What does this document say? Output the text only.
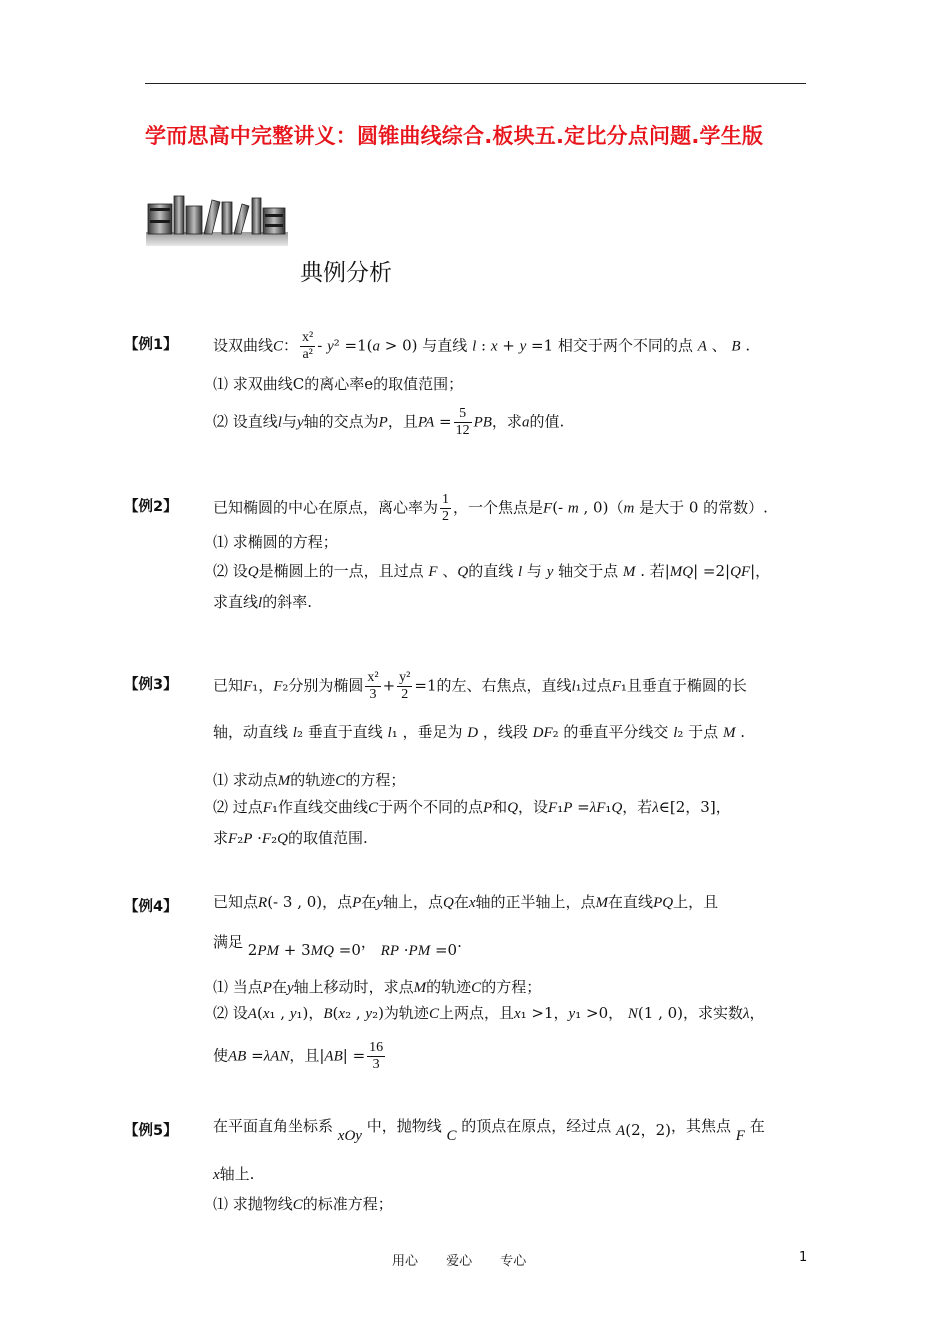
学而思高中完整讲义：圆锥曲线综合.板块五.定比分点问题.学生版
典例分析
【例1】 设双曲线C： $\frac{\text{x²}}{\text{a²}} - y^2 =1(a > 0)$ 与直线 l : x + y =1 相交于两个不同的点 A 、 B .
⑴ 求双曲线C的离心率e的取值范围；
⑵ 设直线l与y轴的交点为P，且PA = $\frac{5}{12}$ PB，求a的值.
【例2】 已知椭圆的中心在原点，离心率为 $\frac{1}{2}$ ，一个焦点是F(- m , 0)（m 是大于 0 的常数）.
⑴ 求椭圆的方程；
⑵ 设Q是椭圆上的一点，且过点 F 、Q的直线 l 与 y 轴交于点 M . 若|MQ| =2|QF|，
求直线l的斜率.
【例3】 已知F₁，F₂分别为椭圆 $\frac{\text{x²}}{3} + \frac{\text{y²}}{2} =1$的左、右焦点，直线l₁过点F₁且垂直于椭圆的长
轴，动直线 l₂ 垂直于直线 l₁ ，垂足为 D ，线段 DF₂ 的垂直平分线交 l₂ 于点 M .
⑴ 求动点M的轨迹C的方程；
⑵ 过点F₁作直线交曲线C于两个不同的点P和Q，设F₁P =λF₁Q，若λ∈[2，3]，
求F₂P ·F₂Q的取值范围.
【例4】 已知点R(- 3 , 0)，点P在y轴上，点Q在x轴的正半轴上，点M在直线PQ上，且
满足 2PM + 3MQ =0， RP ·PM =0.
⑴ 当点P在y轴上移动时，求点M的轨迹C的方程；
⑵ 设A(x₁ , y₁)，B(x₂ , y₂)为轨迹C上两点，且x₁ >1，y₁ >0， N(1 , 0)，求实数λ，
使AB =λAN，且$|AB| = \frac{16}{3}$
【例5】 在平面直角坐标系 xOy 中，抛物线 C 的顶点在原点，经过点 A(2，2)，其焦点 F 在
x轴上.
⑴ 求抛物线C的标准方程；
用心 爱心 专心	1
